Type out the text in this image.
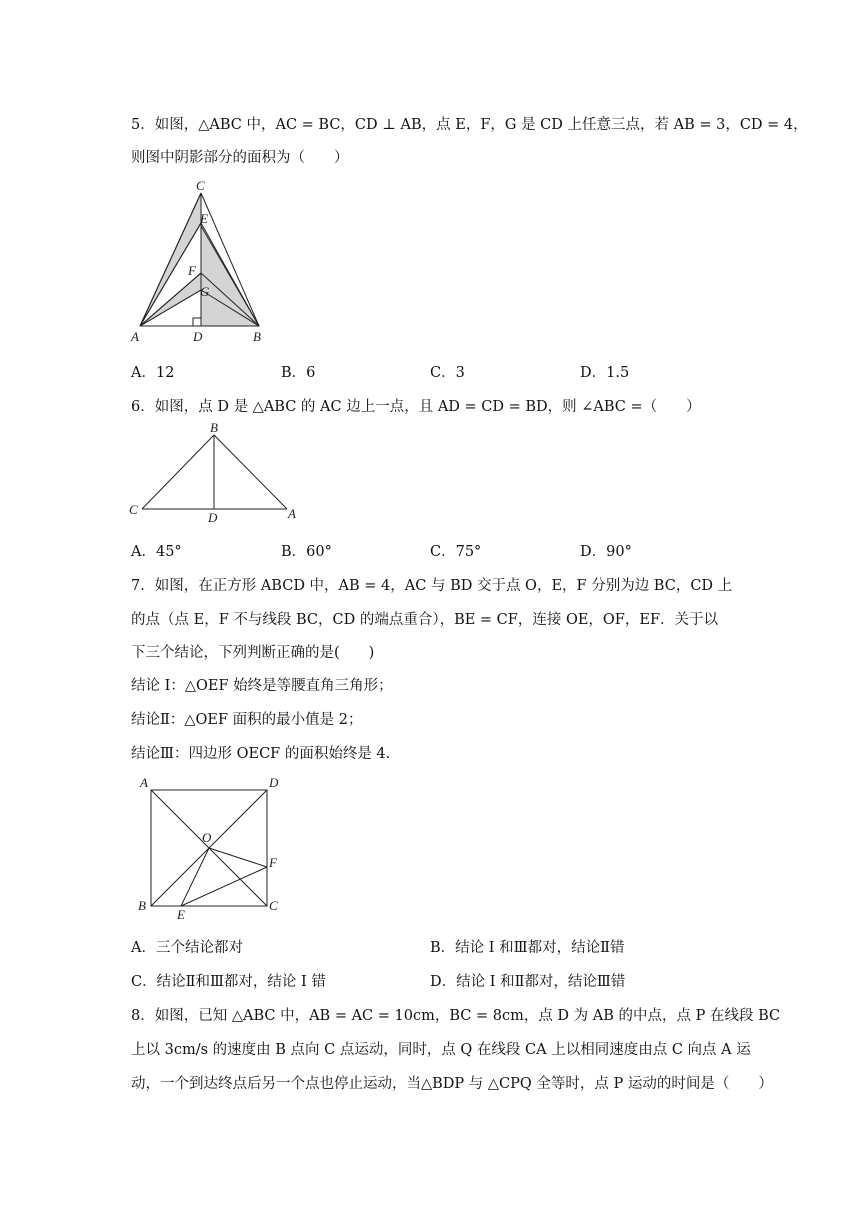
5．如图，△ABC 中，AC = BC，CD ⊥ AB，点 E，F，G 是 CD 上任意三点，若 AB = 3，CD = 4，
则图中阴影部分的面积为（　　）
C
E
F
G
A	D	B
A．12	B．6	C．3	D．1.5
6．如图，点 D 是 △ABC 的 AC 边上一点，且 AD = CD = BD，则 ∠ABC =（　　）
B
C
D	A
A．45°	B．60°	C．75°	D．90°
7．如图，在正方形 ABCD 中，AB = 4，AC 与 BD 交于点 O，E，F 分别为边 BC，CD 上
的点（点 E，F 不与线段 BC，CD 的端点重合），BE = CF，连接 OE，OF，EF．关于以
下三个结论，下列判断正确的是(　　)
结论 I：△OEF 始终是等腰直角三角形；
结论Ⅱ：△OEF 面积的最小值是 2；
结论Ⅲ：四边形 OECF 的面积始终是 4．
A	D
O
F
B
E
C
A．三个结论都对	B．结论 I 和Ⅲ都对，结论Ⅱ错
C．结论Ⅱ和Ⅲ都对，结论 I 错	D．结论 I 和Ⅱ都对，结论Ⅲ错
8．如图，已知 △ABC 中，AB = AC = 10cm，BC = 8cm，点 D 为 AB 的中点，点 P 在线段 BC
上以 3cm/s 的速度由 B 点向 C 点运动，同时，点 Q 在线段 CA 上以相同速度由点 C 向点 A 运
动，一个到达终点后另一个点也停止运动，当△BDP 与 △CPQ 全等时，点 P 运动的时间是（　　）
